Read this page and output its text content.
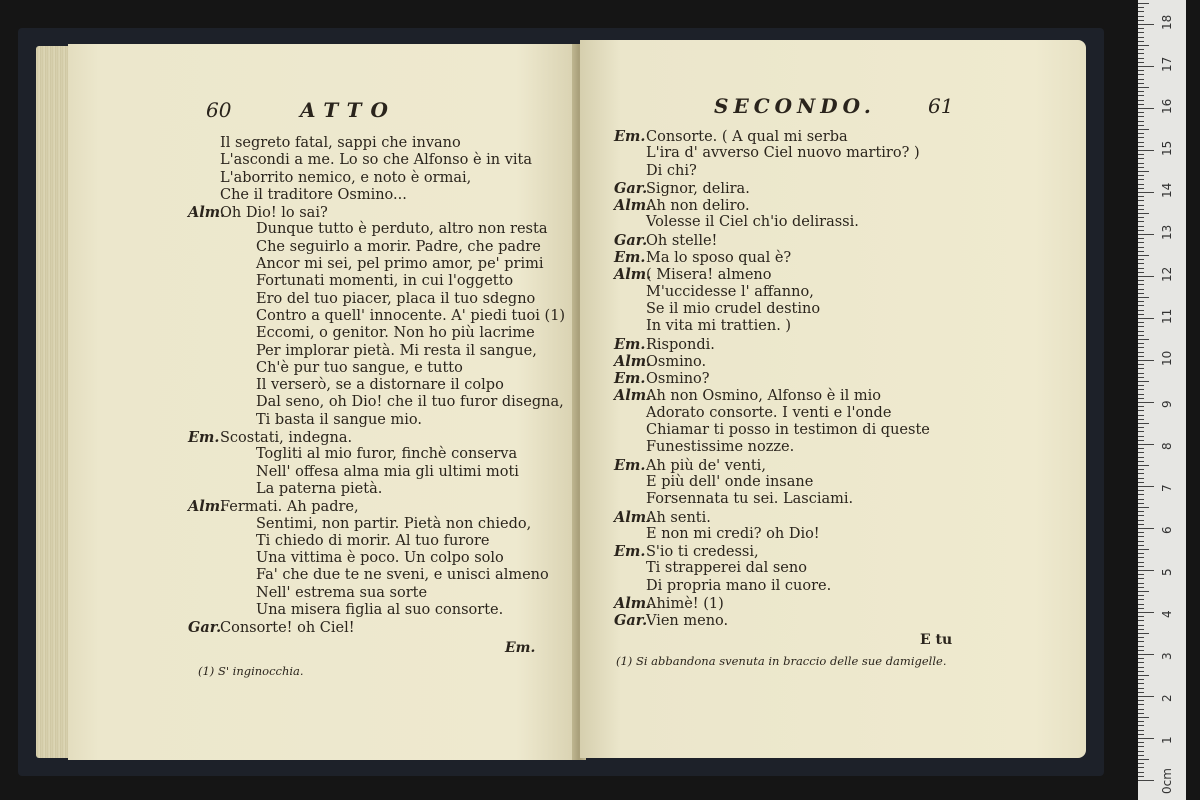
60	ATTO
Il segreto fatal, sappi che invano
L'ascondi a me. Lo so che Alfonso è in vita
L'aborrito nemico, e noto è ormai,
Che il traditore Osmino...
Alm.Oh Dio! lo sai?
Dunque tutto è perduto, altro non resta
Che seguirlo a morir. Padre, che padre
Ancor mi sei, pel primo amor, pe' primi
Fortunati momenti, in cui l'oggetto
Ero del tuo piacer, placa il tuo sdegno
Contro a quell' innocente. A' piedi tuoi (1)
Eccomi, o genitor. Non ho più lacrime
Per implorar pietà. Mi resta il sangue,
Ch'è pur tuo sangue, e tutto
Il verserò, se a distornare il colpo
Dal seno, oh Dio! che il tuo furor disegna,
Ti basta il sangue mio.
Em.Scostati, indegna.
Togliti al mio furor, finchè conserva
Nell' offesa alma mia gli ultimi moti
La paterna pietà.
Alm.Fermati. Ah padre,
Sentimi, non partir. Pietà non chiedo,
Ti chiedo di morir. Al tuo furore
Una vittima è poco. Un colpo solo
Fa' che due te ne sveni, e unisci almeno
Nell' estrema sua sorte
Una misera figlia al suo consorte.
Gar.Consorte! oh Ciel!
Em.
(1) S' inginocchia.
SECONDO.	61
Em.Consorte. ( A qual mi serba
L'ira d' avverso Ciel nuovo martiro? )
Di chi?
Gar.Signor, delira.
Alm.Ah non deliro.
Volesse il Ciel ch'io delirassi.
Gar.Oh stelle!
Em.Ma lo sposo qual è?
Alm.( Misera! almeno
M'uccidesse l' affanno,
Se il mio crudel destino
In vita mi trattien. )
Em.Rispondi.
Alm.Osmino.
Em.Osmino?
Alm.Ah non Osmino, Alfonso è il mio
Adorato consorte. I venti e l'onde
Chiamar ti posso in testimon di queste
Funestissime nozze.
Em.Ah più de' venti,
E più dell' onde insane
Forsennata tu sei. Lasciami.
Alm.Ah senti.
E non mi credi? oh Dio!
Em.S'io ti credessi,
Ti strapperei dal seno
Di propria mano il cuore.
Alm.Ahimè! (1)
Gar.Vien meno.
E tu
(1) Si abbandona svenuta in braccio delle sue damigelle.
0cm
1
2
3
4
5
6
7
8
9
10
11
12
13
14
15
16
17
18
